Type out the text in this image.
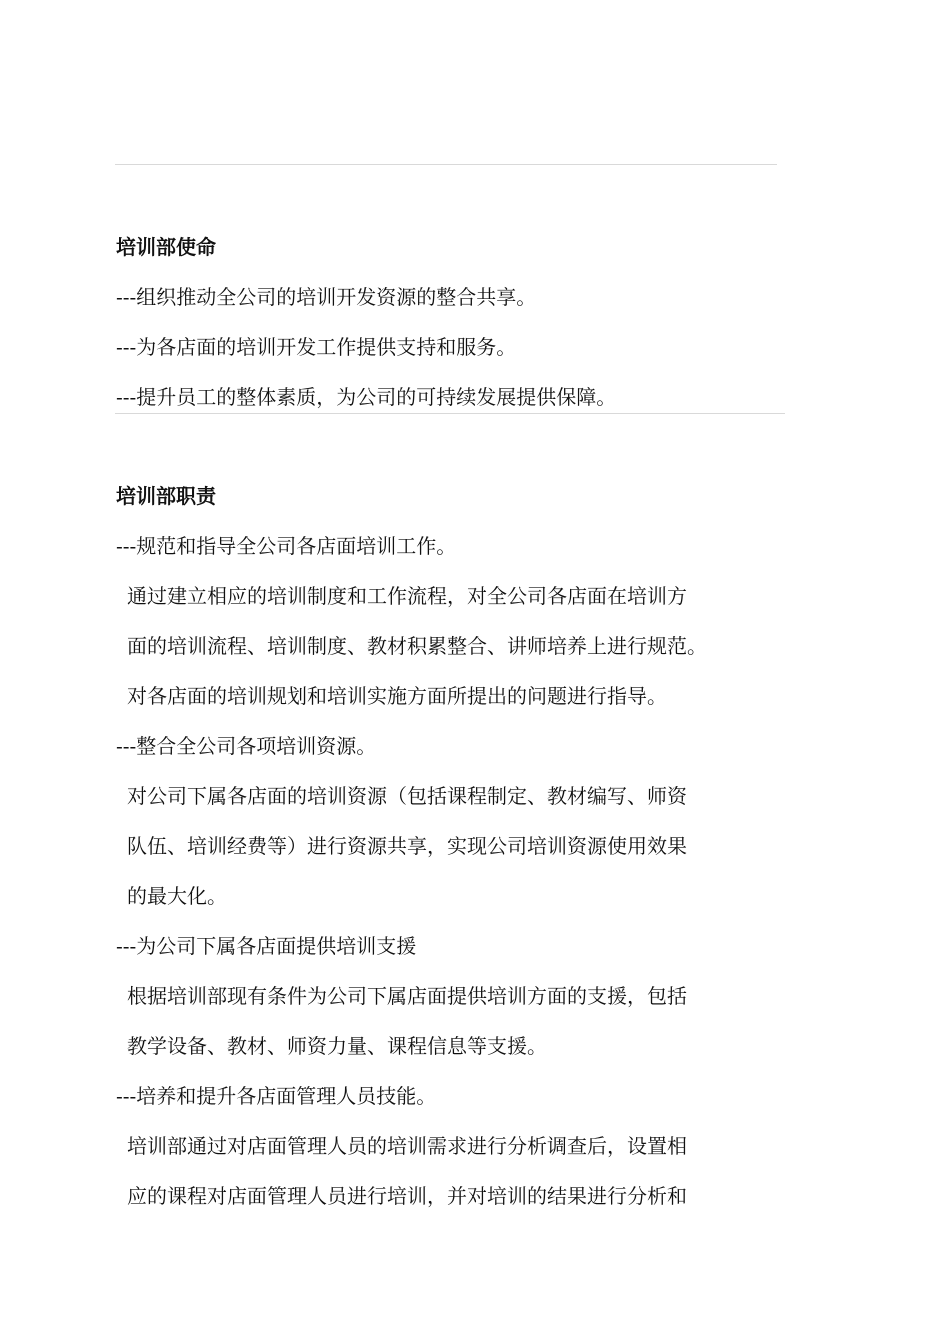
培训部使命

---组织推动全公司的培训开发资源的整合共享。

---为各店面的培训开发工作提供支持和服务。

---提升员工的整体素质，为公司的可持续发展提供保障。

培训部职责

---规范和指导全公司各店面培训工作。

通过建立相应的培训制度和工作流程，对全公司各店面在培训方

面的培训流程、培训制度、教材积累整合、讲师培养上进行规范。

对各店面的培训规划和培训实施方面所提出的问题进行指导。

---整合全公司各项培训资源。

对公司下属各店面的培训资源（包括课程制定、教材编写、师资

队伍、培训经费等）进行资源共享，实现公司培训资源使用效果

的最大化。

---为公司下属各店面提供培训支援

根据培训部现有条件为公司下属店面提供培训方面的支援，包括

教学设备、教材、师资力量、课程信息等支援。

---培养和提升各店面管理人员技能。

培训部通过对店面管理人员的培训需求进行分析调查后，设置相

应的课程对店面管理人员进行培训，并对培训的结果进行分析和
